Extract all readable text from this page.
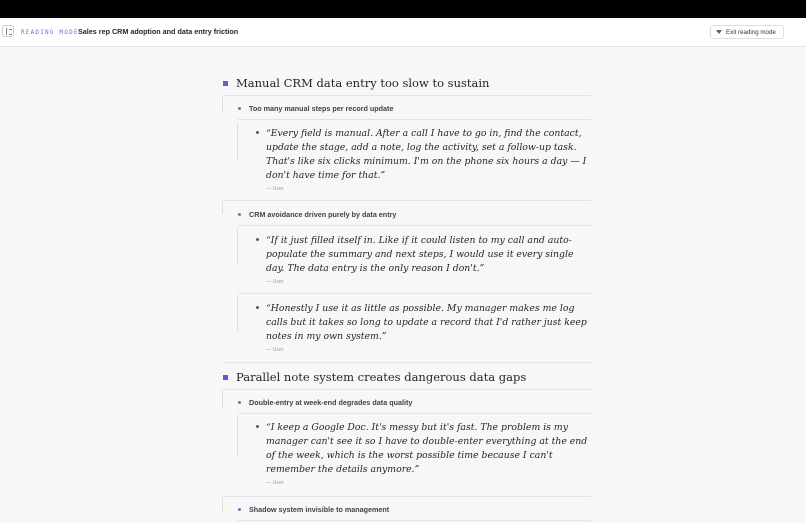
READING MODE Sales rep CRM adoption and data entry friction	Exit reading mode
Manual CRM data entry too slow to sustain
Too many manual steps per record update
“Every field is manual. After a call I have to go in, find the contact, update the stage, add a note, log the activity, set a follow-up task. That's like six clicks minimum. I'm on the phone six hours a day — I don't have time for that.”
— User
CRM avoidance driven purely by data entry
“If it just filled itself in. Like if it could listen to my call and auto-populate the summary and next steps, I would use it every single day. The data entry is the only reason I don't.”
— User
“Honestly I use it as little as possible. My manager makes me log calls but it takes so long to update a record that I'd rather just keep notes in my own system.”
— User
Parallel note system creates dangerous data gaps
Double-entry at week-end degrades data quality
“I keep a Google Doc. It's messy but it's fast. The problem is my manager can't see it so I have to double-enter everything at the end of the week, which is the worst possible time because I can't remember the details anymore.”
— User
Shadow system invisible to management
